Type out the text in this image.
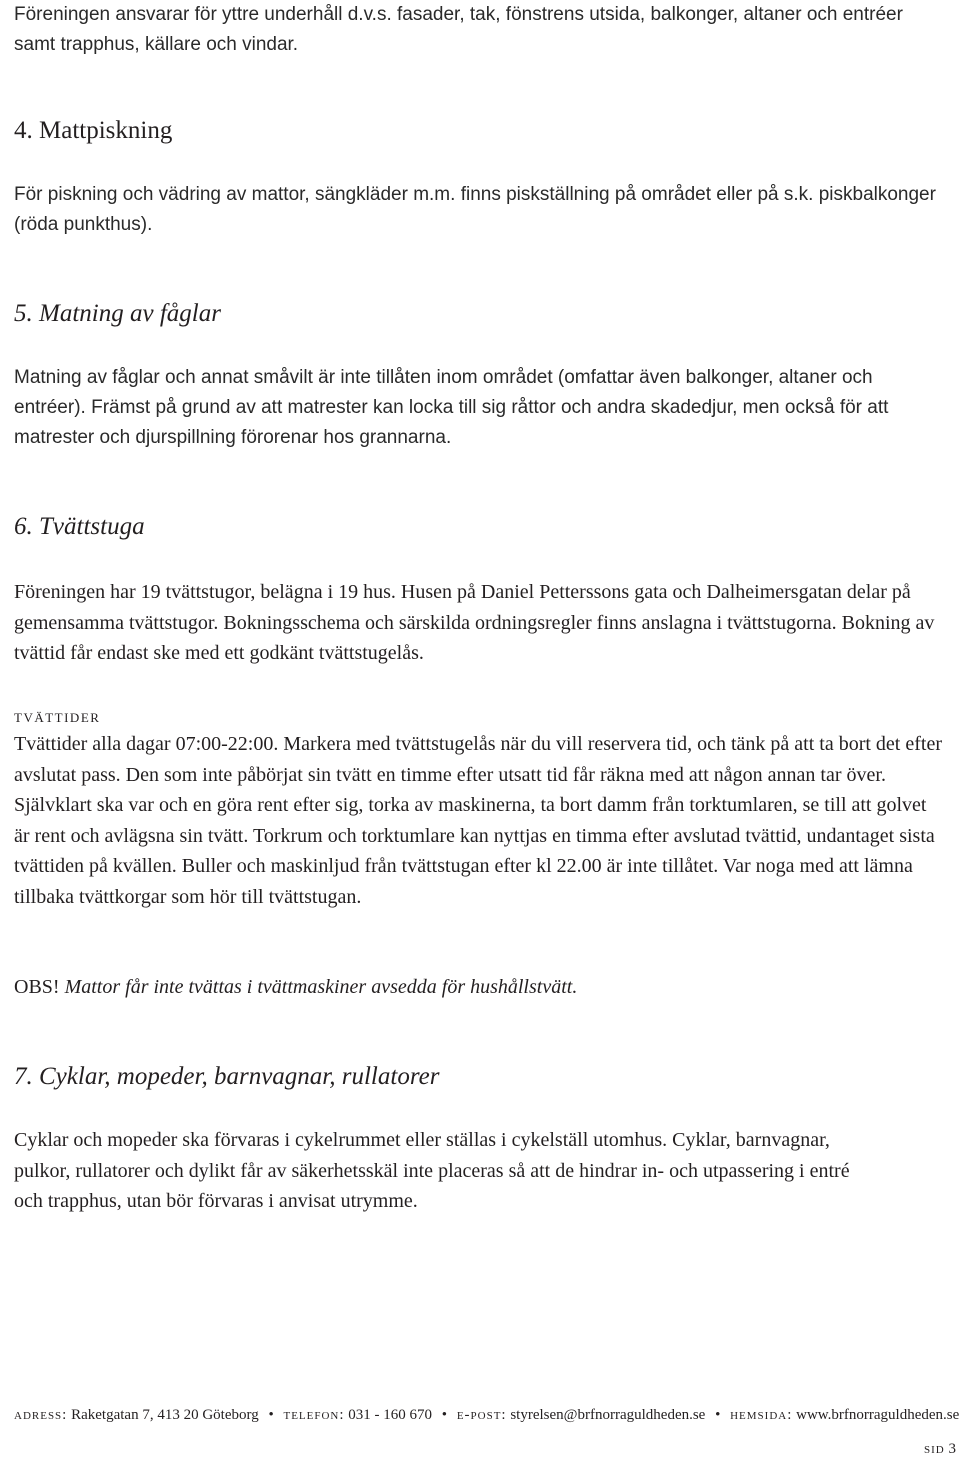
Föreningen ansvarar för yttre underhåll d.v.s. fasader, tak, fönstrens utsida, balkonger, altaner och entréer samt trapphus, källare och vindar.

4. Mattpiskning

För piskning och vädring av mattor, sängkläder m.m. finns piskställning på området eller på s.k. piskbalkonger (röda punkthus).

5. Matning av fåglar

Matning av fåglar och annat småvilt är inte tillåten inom området (omfattar även balkonger, altaner och entréer). Främst på grund av att matrester kan locka till sig råttor och andra skadedjur, men också för att matrester och djurspillning förorenar hos grannarna.

6. Tvättstuga

Föreningen har 19 tvättstugor, belägna i 19 hus. Husen på Daniel Petterssons gata och Dalheimersgatan delar på gemensamma tvättstugor. Bokningsschema och särskilda ordningsregler finns anslagna i tvättstugorna. Bokning av tvättid får endast ske med ett godkänt tvättstugelås.

tvättider

Tvättider alla dagar 07:00-22:00. Markera med tvättstugelås när du vill reservera tid, och tänk på att ta bort det efter avslutat pass. Den som inte påbörjat sin tvätt en timme efter utsatt tid får räkna med att någon annan tar över. Självklart ska var och en göra rent efter sig, torka av maskinerna, ta bort damm från torktumlaren, se till att golvet är rent och avlägsna sin tvätt. Torkrum och torktumlare kan nyttjas en timma efter avslutad tvättid, undantaget sista tvättiden på kvällen. Buller och maskinljud från tvättstugan efter kl 22.00 är inte tillåtet. Var noga med att lämna tillbaka tvättkorgar som hör till tvättstugan.

OBS! Mattor får inte tvättas i tvättmaskiner avsedda för hushållstvätt.

7. Cyklar, mopeder, barnvagnar, rullatorer

Cyklar och mopeder ska förvaras i cykelrummet eller ställas i cykelställ utomhus. Cyklar, barnvagnar, pulkor, rullatorer och dylikt får av säkerhetsskäl inte placeras så att de hindrar in- och utpassering i entré och trapphus, utan bör förvaras i anvisat utrymme.

adress: Raketgatan 7, 413 20 Göteborg • telefon: 031 - 160 670 • e-post: styrelsen@brfnorraguldheden.se • hemsida: www.brfnorraguldheden.se
sid 3
